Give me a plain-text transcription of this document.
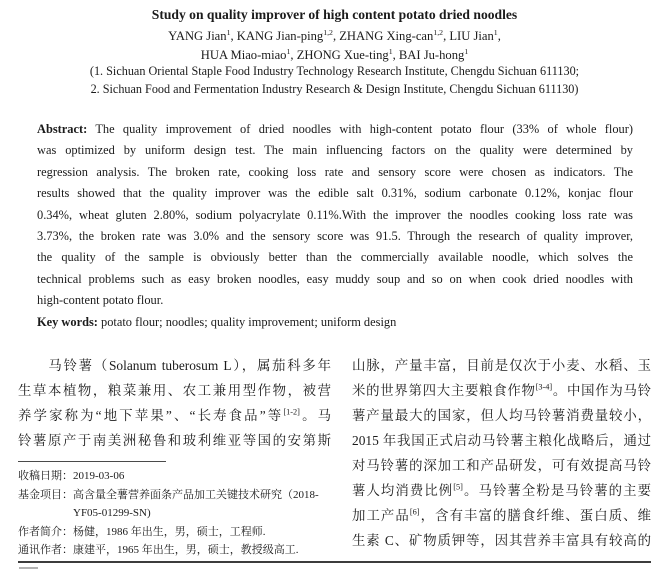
Study on quality improver of high content potato dried noodles
YANG Jian$^1$, KANG Jian-ping$^{1,2}$, ZHANG Xing-can$^{1,2}$, LIU Jian$^1$,
HUA Miao-miao$^1$, ZHONG Xue-ting$^1$, BAI Ju-hong$^1$
(1. Sichuan Oriental Staple Food Industry Technology Research Institute, Chengdu Sichuan 611130;
2. Sichuan Food and Fermentation Industry Research & Design Institute, Chengdu Sichuan 611130)
Abstract: The quality improvement of dried noodles with high-content potato flour (33% of whole flour)
was optimized by uniform design test. The main influencing factors on the quality were determined by
regression analysis. The broken rate, cooking loss rate and sensory score were chosen as indicators. The
results showed that the quality improver was the edible salt 0.31%, sodium carbonate 0.12%, konjac flour
0.34%, wheat gluten 2.80%, sodium polyacrylate 0.11%.With the improver the noodles cooking loss rate was
3.73%, the broken rate was 3.0% and the sensory score was 91.5. Through the research of quality improver,
the quality of the sample is obviously better than the commercially available noodle, which solves the
technical problems such as easy broken noodles, easy muddy soup and so on when cook dried noodles with
high-content potato flour.
Key words: potato flour; noodles; quality improvement; uniform design
　　马铃薯（Solanum tuberosum L），属茄科多年
生草本植物，粮菜兼用、农工兼用型作物，被营
养学家称为“地下苹果”、“长寿食品”等[1-2]。马
铃薯原产于南美洲秘鲁和玻利维亚等国的安第斯
收稿日期： 2019-03-06
基金项目： 高含量全薯营养面条产品加工关键技术研究（2018-
YF05-01299-SN)
作者简介： 杨健，1986 年出生，男，硕士，工程师.
通讯作者： 康建平，1965 年出生，男，硕士，教授级高工.
山脉，产量丰富，目前是仅次于小麦、水稻、玉
米的世界第四大主要粮食作物[3-4]。中国作为马铃
薯产量最大的国家，但人均马铃薯消费量较小，
2015 年我国正式启动马铃薯主粮化战略后，通过
对马铃薯的深加工和产品研发，可有效提高马铃
薯人均消费比例[5]。马铃薯全粉是马铃薯的主要
加工产品[6]，含有丰富的膳食纤维、蛋白质、维
生素 C、矿物质钾等，因其营养丰富具有较高的
